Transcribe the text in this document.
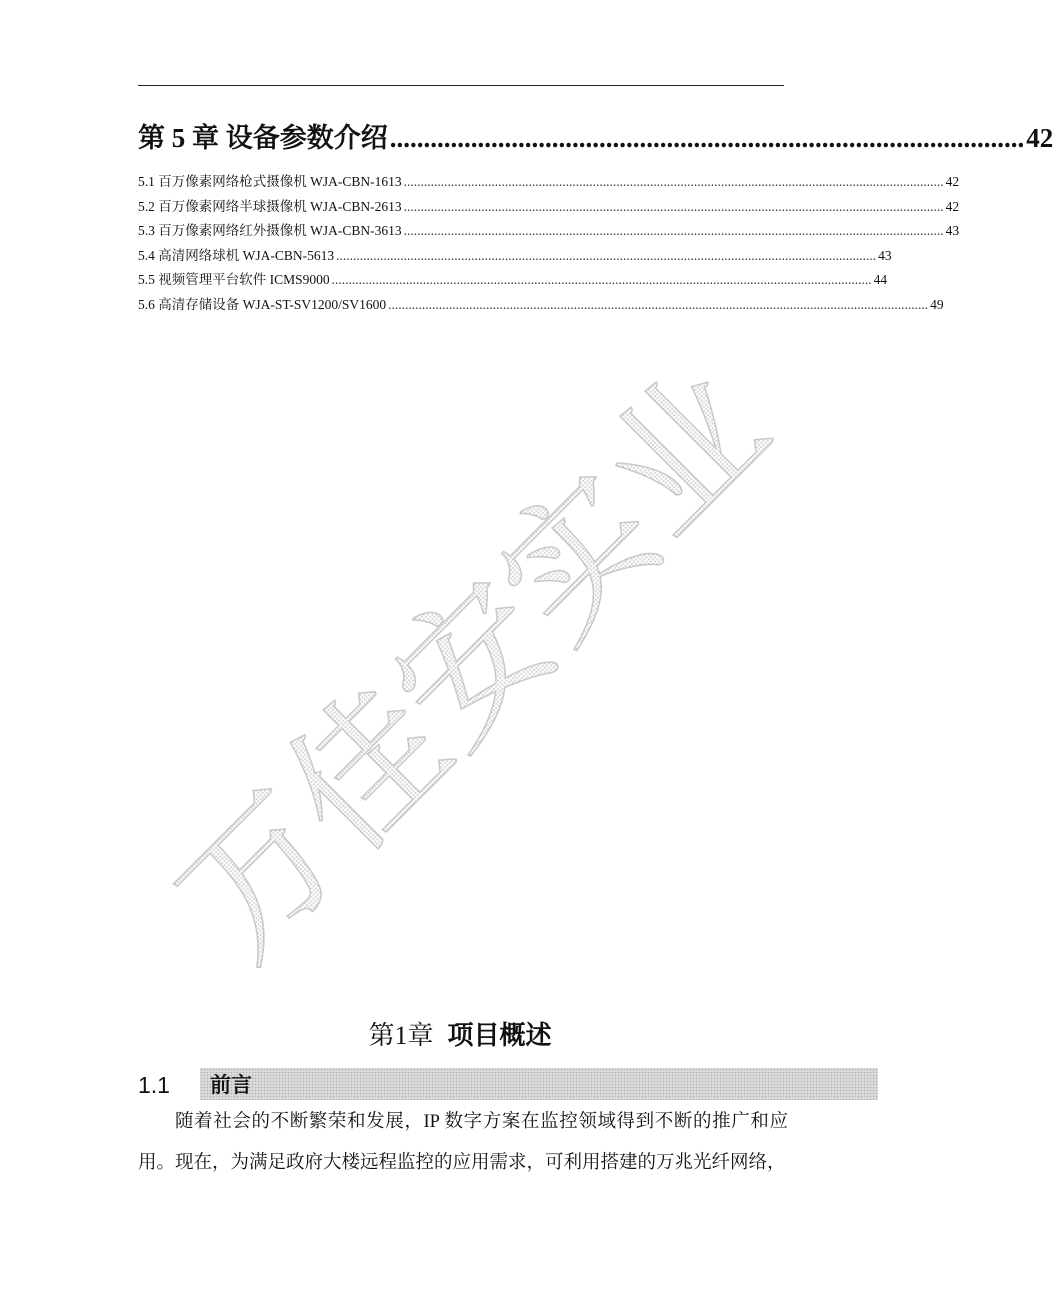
第 5 章 设备参数介绍 .............................................................................................. 42
5.1 百万像素网络枪式摄像机 WJA-CBN-1613 ................................................................................................................................................................ 42
5.2 百万像素网络半球摄像机 WJA-CBN-2613 ................................................................................................................................................................ 42
5.3 百万像素网络红外摄像机 WJA-CBN-3613 ................................................................................................................................................................ 43
5.4 高清网络球机 WJA-CBN-5613 ................................................................................................................................................................ 43
5.5 视频管理平台软件 ICMS9000 ................................................................................................................................................................ 44
5.6 高清存储设备 WJA-ST-SV1200/SV1600 ................................................................................................................................................................ 49
万佳安实业
第1章 项目概述
1.1 前言

随着社会的不断繁荣和发展，IP 数字方案在监控领域得到不断的推广和应用。现在，为满足政府大楼远程监控的应用需求，可利用搭建的万兆光纤网络，
